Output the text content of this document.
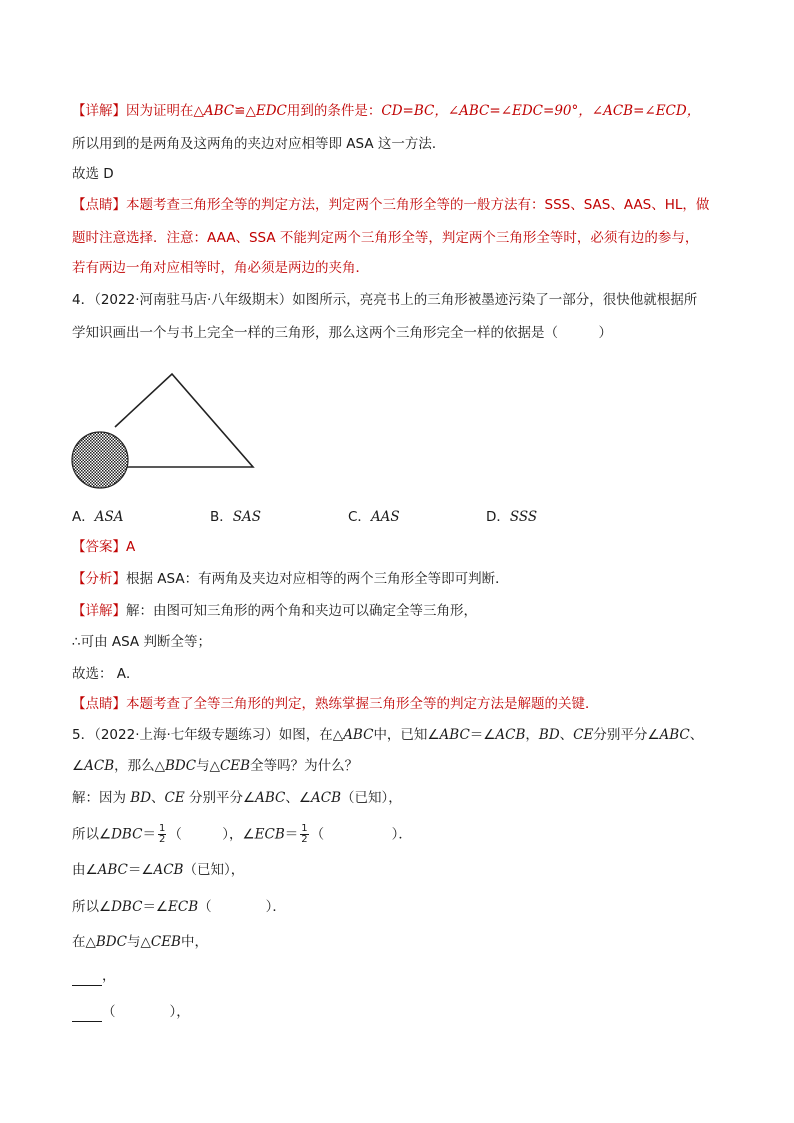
【详解】因为证明在△ABC≌△EDC用到的条件是：CD=BC，∠ABC=∠EDC=90°，∠ACB=∠ECD，
所以用到的是两角及这两角的夹边对应相等即 ASA 这一方法．
故选 D
【点睛】本题考查三角形全等的判定方法，判定两个三角形全等的一般方法有：SSS、SAS、AAS、HL，做
题时注意选择．注意：AAA、SSA 不能判定两个三角形全等，判定两个三角形全等时，必须有边的参与，
若有两边一角对应相等时，角必须是两边的夹角．
4．（2022·河南驻马店·八年级期末）如图所示，亮亮书上的三角形被墨迹污染了一部分，很快他就根据所
学知识画出一个与书上完全一样的三角形，那么这两个三角形完全一样的依据是（　　　）
A．ASA	B．SAS	C．AAS	D．SSS
【答案】A
【分析】根据 ASA：有两角及夹边对应相等的两个三角形全等即可判断．
【详解】解：由图可知三角形的两个角和夹边可以确定全等三角形，
∴可由 ASA 判断全等；
故选： A．
【点睛】本题考查了全等三角形的判定，熟练掌握三角形全等的判定方法是解题的关键．
5．（2022·上海·七年级专题练习）如图，在△ABC中，已知∠ABC＝∠ACB，BD、CE分别平分∠ABC、
∠ACB，那么△BDC与△CEB全等吗？为什么？
解：因为 BD、CE 分别平分∠ABC、∠ACB（已知），
所以∠DBC＝ $\frac{1}{2}$ （　　　），∠ECB＝ $\frac{1}{2}$ （　　　　　）．
由∠ABC＝∠ACB（已知），
所以∠DBC＝∠ECB（　　　　）．
在△BDC与△CEB中，
，
（　　　　），
